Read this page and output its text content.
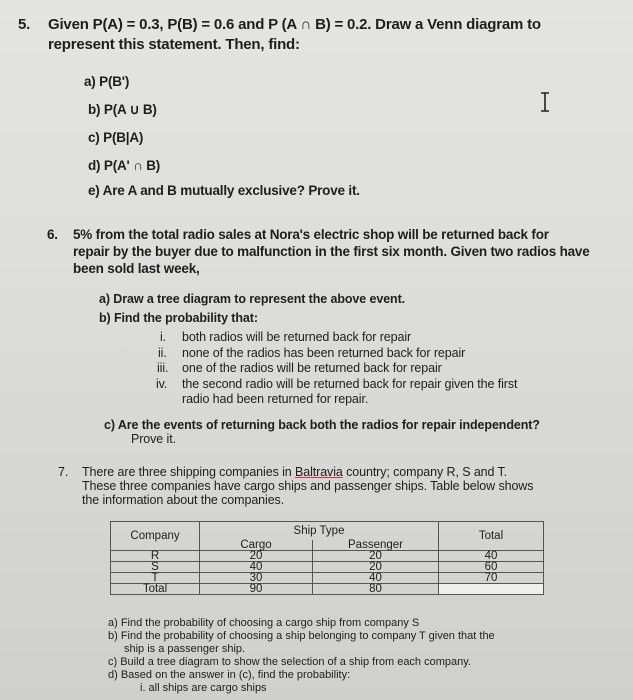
5. Given P(A) = 0.3, P(B) = 0.6 and P (A ∩ B) = 0.2. Draw a Venn diagram to
represent this statement. Then, find:
a) P(B')
b) P(A ∪ B)
c) P(B|A)
d) P(A' ∩ B)
e) Are A and B mutually exclusive? Prove it.
6. 5% from the total radio sales at Nora's electric shop will be returned back for
repair by the buyer due to malfunction in the first six month. Given two radios have
been sold last week,
a) Draw a tree diagram to represent the above event.
b) Find the probability that:
i. both radios will be returned back for repair
ii. none of the radios has been returned back for repair
iii. one of the radios will be returned back for repair
iv. the second radio will be returned back for repair given the first
radio had been returned for repair.
c) Are the events of returning back both the radios for repair independent?
Prove it.
7. There are three shipping companies in Baltravia country; company R, S and T.
These three companies have cargo ships and passenger ships. Table below shows
the information about the companies.
Company	Ship Type		Total
	Cargo	Passenger	
R	20	20	40
S	40	20	60
T	30	40	70
Total	90	80	
a) Find the probability of choosing a cargo ship from company S
b) Find the probability of choosing a ship belonging to company T given that the
ship is a passenger ship.
c) Build a tree diagram to show the selection of a ship from each company.
d) Based on the answer in (c), find the probability:
i. all ships are cargo ships
